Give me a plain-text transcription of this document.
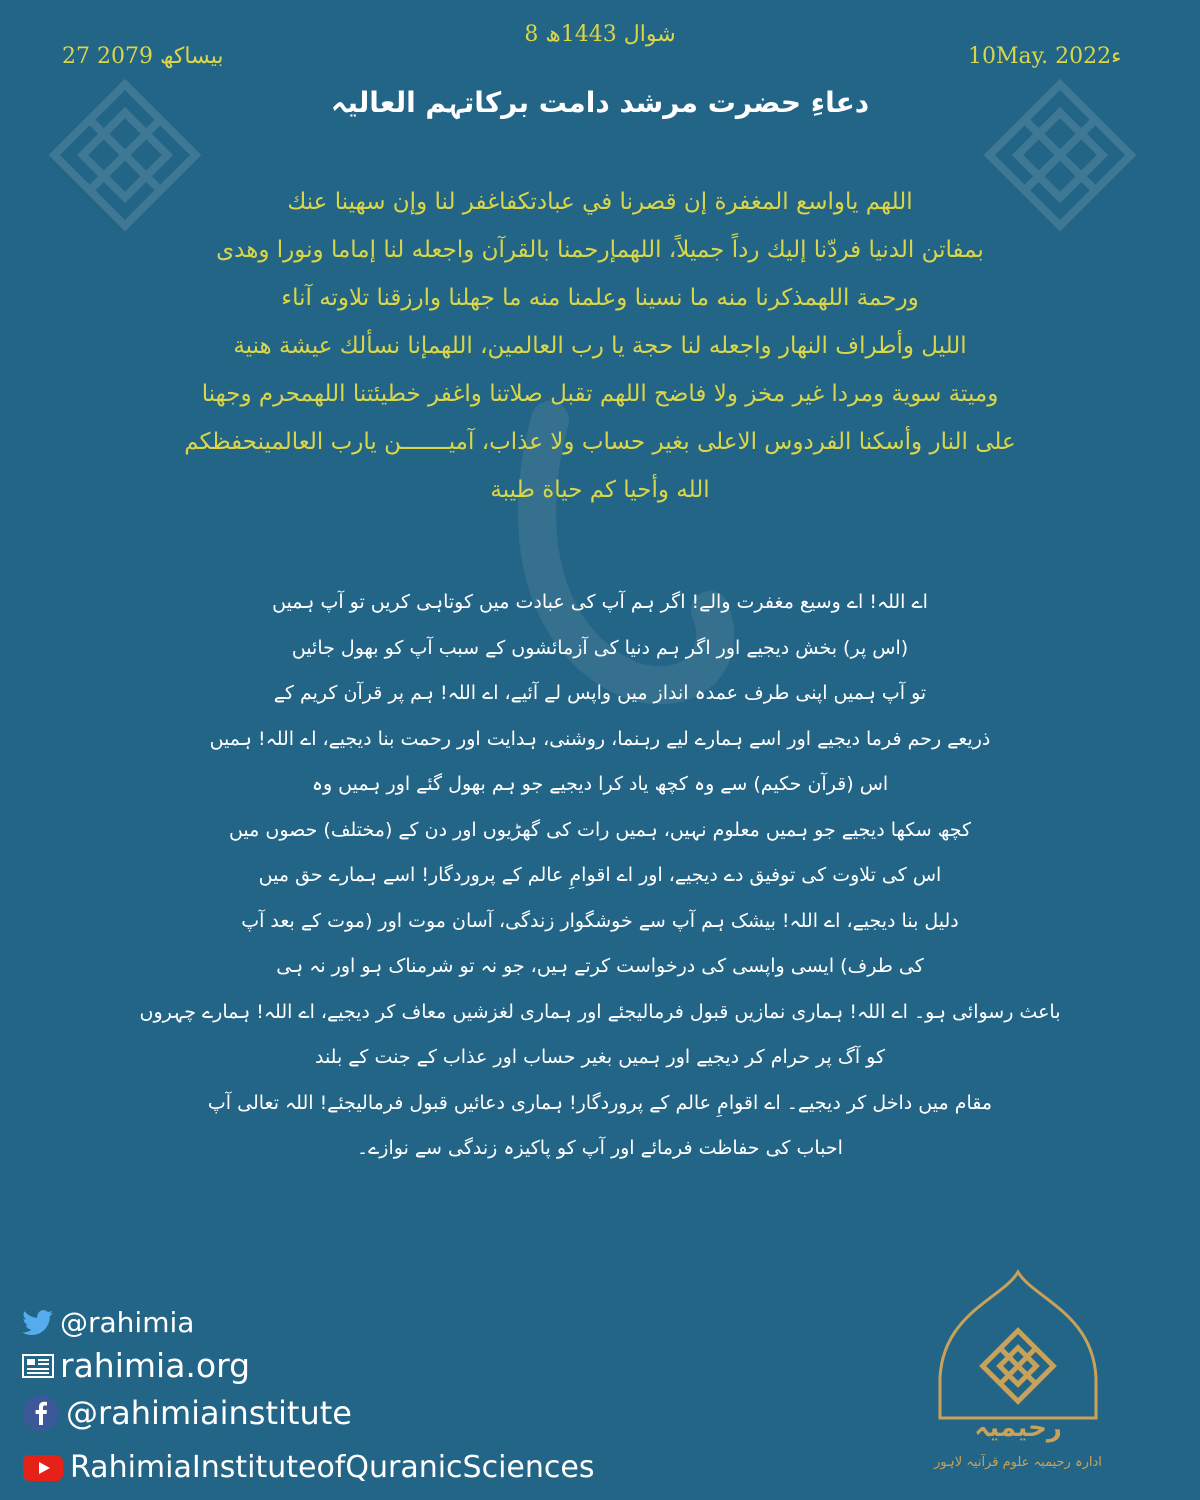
27 بیساکھ 2079
8 شوال 1443ھ
10May. 2022ء
دعاءِ حضرت مرشد دامت برکاتہم العالیہ
اللهم ياواسع المغفرة إن قصرنا في عبادتكفاغفر لنا وإن سهينا عنك
بمفاتن الدنيا فردّنا إليك رداً جميلاً، اللهمإرحمنا بالقرآن واجعله لنا إماما ونورا وهدى
ورحمة اللهمذكرنا منه ما نسينا وعلمنا منه ما جهلنا وارزقنا تلاوته آناء
الليل وأطراف النهار واجعله لنا حجة يا رب العالمين، اللهمإنا نسألك عيشة هنية
وميتة سوية ومردا غير مخز ولا فاضح اللهم تقبل صلاتنا واغفر خطيئتنا اللهمحرم وجهنا
على النار وأسكنا الفردوس الاعلى بغير حساب ولا عذاب، آميـــــــن يارب العالمينحفظكم
الله وأحيا كم حياة طيبة
اے اللہ! اے وسیع مغفرت والے! اگر ہم آپ کی عبادت میں کوتاہی کریں تو آپ ہمیں
(اس پر) بخش دیجیے اور اگر ہم دنیا کی آزمائشوں کے سبب آپ کو بھول جائیں
تو آپ ہمیں اپنی طرف عمدہ انداز میں واپس لے آئیے، اے اللہ! ہم پر قرآن کریم کے
ذریعے رحم فرما دیجیے اور اسے ہمارے لیے رہنما، روشنی، ہدایت اور رحمت بنا دیجیے، اے اللہ! ہمیں
اس (قرآن حکیم) سے وہ کچھ یاد کرا دیجیے جو ہم بھول گئے اور ہمیں وہ
کچھ سکھا دیجیے جو ہمیں معلوم نہیں، ہمیں رات کی گھڑیوں اور دن کے (مختلف) حصوں میں
اس کی تلاوت کی توفیق دے دیجیے، اور اے اقوامِ عالم کے پروردگار! اسے ہمارے حق میں
دلیل بنا دیجیے، اے اللہ! بیشک ہم آپ سے خوشگوار زندگی، آسان موت اور (موت کے بعد آپ
کی طرف) ایسی واپسی کی درخواست کرتے ہیں، جو نہ تو شرمناک ہو اور نہ ہی
باعث رسوائی ہو۔ اے اللہ! ہماری نمازیں قبول فرمالیجئے اور ہماری لغزشیں معاف کر دیجیے، اے اللہ! ہمارے چہروں
کو آگ پر حرام کر دیجیے اور ہمیں بغیر حساب اور عذاب کے جنت کے بلند
مقام میں داخل کر دیجیے۔ اے اقوامِ عالم کے پروردگار! ہماری دعائیں قبول فرمالیجئے! اللہ تعالی آپ
احباب کی حفاظت فرمائے اور آپ کو پاکیزہ زندگی سے نوازے۔
@rahimia
rahimia.org
@rahimiainstitute
RahimiaInstituteofQuranicSciences
رحیمیہ
ادارہ رحیمیہ علوم قرآنیہ لاہور
